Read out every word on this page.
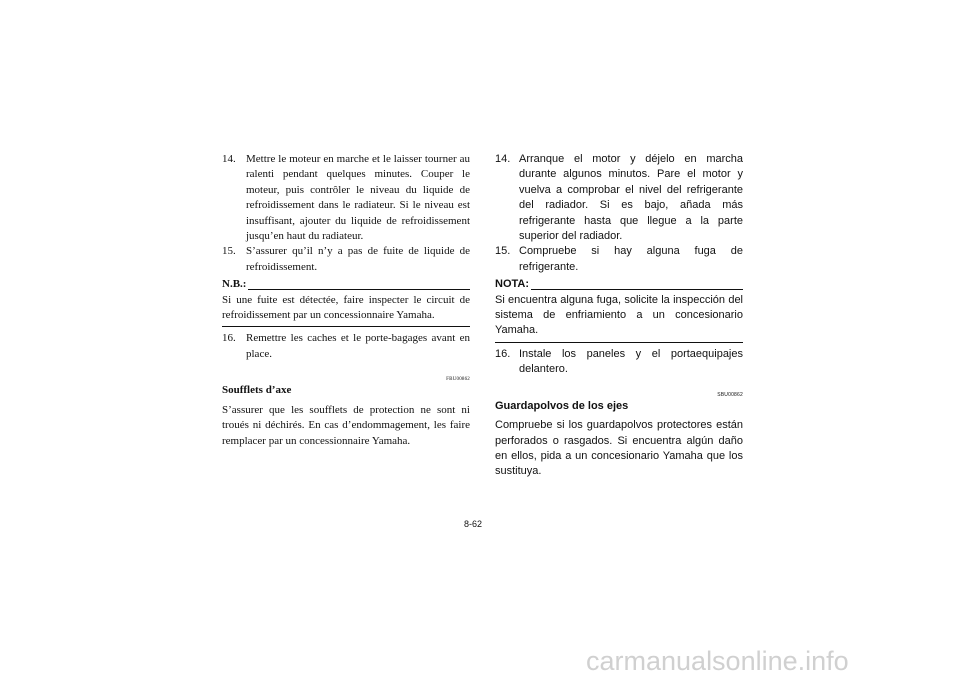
14. Mettre le moteur en marche et le laisser tourner au ralenti pendant quelques minutes. Couper le moteur, puis contrôler le niveau du liquide de refroidissement dans le radiateur. Si le niveau est insuffisant, ajouter du liquide de refroidissement jusqu’en haut du radiateur.
15. S’assurer qu’il n’y a pas de fuite de liquide de refroidissement.
N.B.:
Si une fuite est détectée, faire inspecter le circuit de refroidissement par un concessionnaire Yamaha.
16. Remettre les caches et le porte-bagages avant en place.
FBU00862
Soufflets d’axe
S’assurer que les soufflets de protection ne sont ni troués ni déchirés. En cas d’endommagement, les faire remplacer par un concessionnaire Yamaha.
14. Arranque el motor y déjelo en marcha durante algunos minutos. Pare el motor y vuelva a comprobar el nivel del refrigerante del radiador. Si es bajo, añada más refrigerante hasta que llegue a la parte superior del radiador.
15. Compruebe si hay alguna fuga de refrigerante.
NOTA:
Si encuentra alguna fuga, solicite la inspección del sistema de enfriamiento a un concesionario Yamaha.
16. Instale los paneles y el portaequipajes delantero.
SBU00862
Guardapolvos de los ejes
Compruebe si los guardapolvos protectores están perforados o rasgados. Si encuentra algún daño en ellos, pida a un concesionario Yamaha que los sustituya.
8-62
carmanualsonline.info
